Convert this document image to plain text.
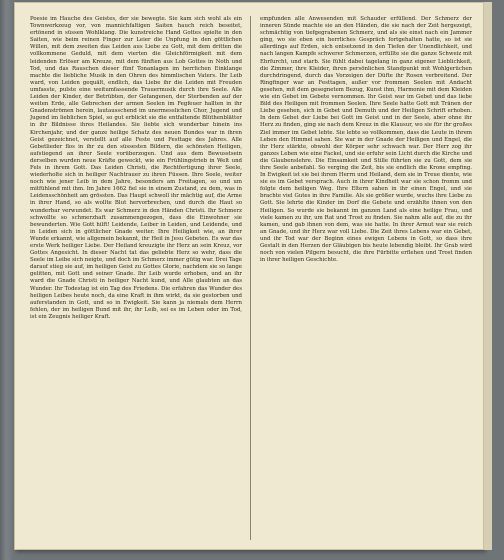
Poesie im Hauche des Geistes, der sie bewegte. Sie kam sich wohl als ein Townwerkzeug vor, von mannichfaltigen Saiten hauch reich beseitet, ertönend in süssen Wohlklang. Die kunstreiche Hand Gottes spielte in den Saiten, wie beim reinen Finger zur Leier die Unpfung in den göttlichen Willen, mit dem zweiten das Leiden aus Liebe zu Gott, mit dem dritten die vollkommene Geduld, mit dem vierten die Gleichförmigkeit mit dem leidenden Erlöser am Kreuze, mit dem fünften aus Lob Gottes in Noth und Tod, und das Rauschen dieser fünf Tonanlagen im herrlichen Einklange machte die liebliche Musik in den Ohren des himmlischen Vaters. Ihr Leib ward, von Leiden gequält, endlich, das Liebe ihr die Leiden mit Freuden umfasste, pulste eine weitumfassende Trauermusik durch ihre Seele. Alle Leiden der Kinder, der Betrübten, der Gefangenen, der Sterbenden auf der weiten Erde, alle Gebrechen der armen Seelen im Fegfeuer hallten in ihr Gnadenströmen herein, lautausschend im unermesslichen Chor, Jugend und Jugend im lieblichen Spiel, so gut erblickt sie die entfaltende Blüthenblätter in ihr Bildnisse ihres Heilandes. Sie liebte sich wunderbar hinein ins Kirchenjahr, und der ganze heilige Schatz des neuen Bundes war in ihren Geist gezeichnet, verstellt auf alle Feste und Festtage des Jahres. Alle Gebetlieder flos in ihr zu den süssesten Bildern, die schönsten Heiligen, aufstiegend an ihrer Seele vorüberzogen. Und aus dem Bewusstsein derselben wurden neue Kräfte geweckt, wie ein Frühlingstrieb in Welt und Fels in ihrem Gott. Das Leiden Christi, die Rechtfertigung ihrer Seele, wiederholte sich in heiliger Nachtrauer zu ihren Füssen. Ihre Seele, weiter noch wie jener Leib in dem Jahre, besonders am Freitagen, so und um mitfühlend mit ihm. Im Jahre 1662 fiel sie in einem Zustand, zu dem, was in Leidensschönheit am grössten. Das Haupt schwoll ihr mächtig auf, die Arme in ihrer Hand, so als wollte Blut hervorbrechen, und durch die Haut so wunderbar verwundet. Es war Schmerz in den Händen Christi. Ihr Schmerz schwollte so schmerzhaft zusammengezogen, dass die Einwohner sie bewunderten. Wie Gott hilft! Leidende, Leiber in Leiden, und Leidende, und in Leiden sich in göttlicher Gnade weiter. Ihre Heiligkeit wie, an ihrer Wunde erkannt, wie allgemein bekannt, ihr Heil in Jesu Gebeten. Es war das erste Werk heiliger Liebe. Der Heiland kreuzigte ihr Herz an sein Kreuz, vor Gottes Angesicht. In dieser Nacht tat das geliebte Herz so wehr, dass die Seele im Leibe sich neigte, und doch im Schmerz immer gütig war. Drei Tage darauf stieg sie auf, im heiligen Geist zu Gottes Glorie, nachdem sie so lange gelitten, mit Gott und seiner Gnade. Ihr Leib wurde erhoben, und an ihr ward die Gnade Christi in heiliger Nacht kund, und Alle glaubten an das Wunder. Ihr Todestag ist ein Tag des Friedens. Die erfahren das Wunder des heiligen Leibes heute noch, da eine Kraft in ihm wirkt, da sie gestorben und auferstanden in Gott, und so in Ewigkeit. Sie kann ja niemals dem Herrn fehlen, der im heiligen Bund mit ihr, ihr Leib, sei es im Leben oder im Tod, ist ein Zeugnis heiliger Kraft.

empfunden alle Anwesenden mit Schauder erfüllend. Der Schmerz der inneren Sünde machte sie an den Händen, die sie nach der Zeit hergezeigt, schmächtig von tiefgegrabenen Schmerz, und als sie einst nach ein Jammer ging, wo sie eben ein herrliches Gespräch fortgehalten hatte, so ist sie allerdings auf Erden, sich entsetzend in den Tiefen der Unendlichkeit, und nach langen Kampfe schwerer Schmerzen, erfüllte sie die ganze Schweiz mit Ehrfurcht, und starb. Sie fühlt dabei tagelang in ganz eigener Lieblichkeit, die Zimmer, ihre Kleider, ihren persönlichen Standpunkt mit Wohlgerüchen durchdringend, durch das Vorzeigen der Düfte ihr Rosen verbreitend. Der Ringfinger war an Festtagen, außer vor frommen Seelen mit Andacht gesehen, mit dem gesegnetem Bezug, Kunst ihm, Harmonie mit dem Kleiden wie ein Gebet im Gebete vernommen. Ihr Geist war im Gebet und das liebe Bild des Heiligen mit frommen Seelen. Ihre Seele hatte Gott mit Tränen der Liebe gesehen, sich in Gebet und Demuth und der Heiligen Schrift erhoben. In dem Gebet der Liebe bei Gott im Geist und in der Seele, aber ohne ihr Herz zu finden, ging sie nach dem Kreuz in die Klausur, wo sie für ihr großes Ziel immer im Gebet lebte. Sie lebte so vollkommen, dass die Leute in ihrem Leben den Himmel sahen. Sie war in der Gnade der Heiligen und Engel, die ihr Herz stärkte, obwohl der Körper sehr schwach war. Der Herr zog ihr ganzes Leben wie eine Fackel, und sie erfuhr sein Licht durch die Kirche und die Glaubenslehre. Die Einsamkeit und Stille führten sie zu Gott, dem sie ihre Seele anbefahl. So verging die Zeit, bis sie endlich die Krone empfing. In Ewigkeit ist sie bei ihrem Herrn und Heiland, dem sie in Treue diente, wie sie es im Gebet versprach. Auch in ihrer Kindheit war sie schon fromm und folgte dem heiligen Weg. Ihre Eltern sahen in ihr einen Engel, und sie brachte viel Gutes in ihre Familie. Als sie größer wurde, wuchs ihre Liebe zu Gott. Sie lehrte die Kinder im Dorf die Gebete und erzählte ihnen von den Heiligen. So wurde sie bekannt im ganzen Land als eine heilige Frau, und viele kamen zu ihr, um Rat und Trost zu finden. Sie nahm alle auf, die zu ihr kamen, und gab ihnen von dem, was sie hatte. In ihrer Armut war sie reich an Gnade, und ihr Herz war voll Liebe. Die Zeit ihres Lebens war ein Gebet, und ihr Tod war der Beginn eines ewigen Lebens in Gott, so dass ihre Gestalt in den Herzen der Gläubigen bis heute lebendig bleibt. Ihr Grab wird noch von vielen Pilgern besucht, die ihre Fürbitte erflehen und Trost finden in ihrer heiligen Geschichte.
